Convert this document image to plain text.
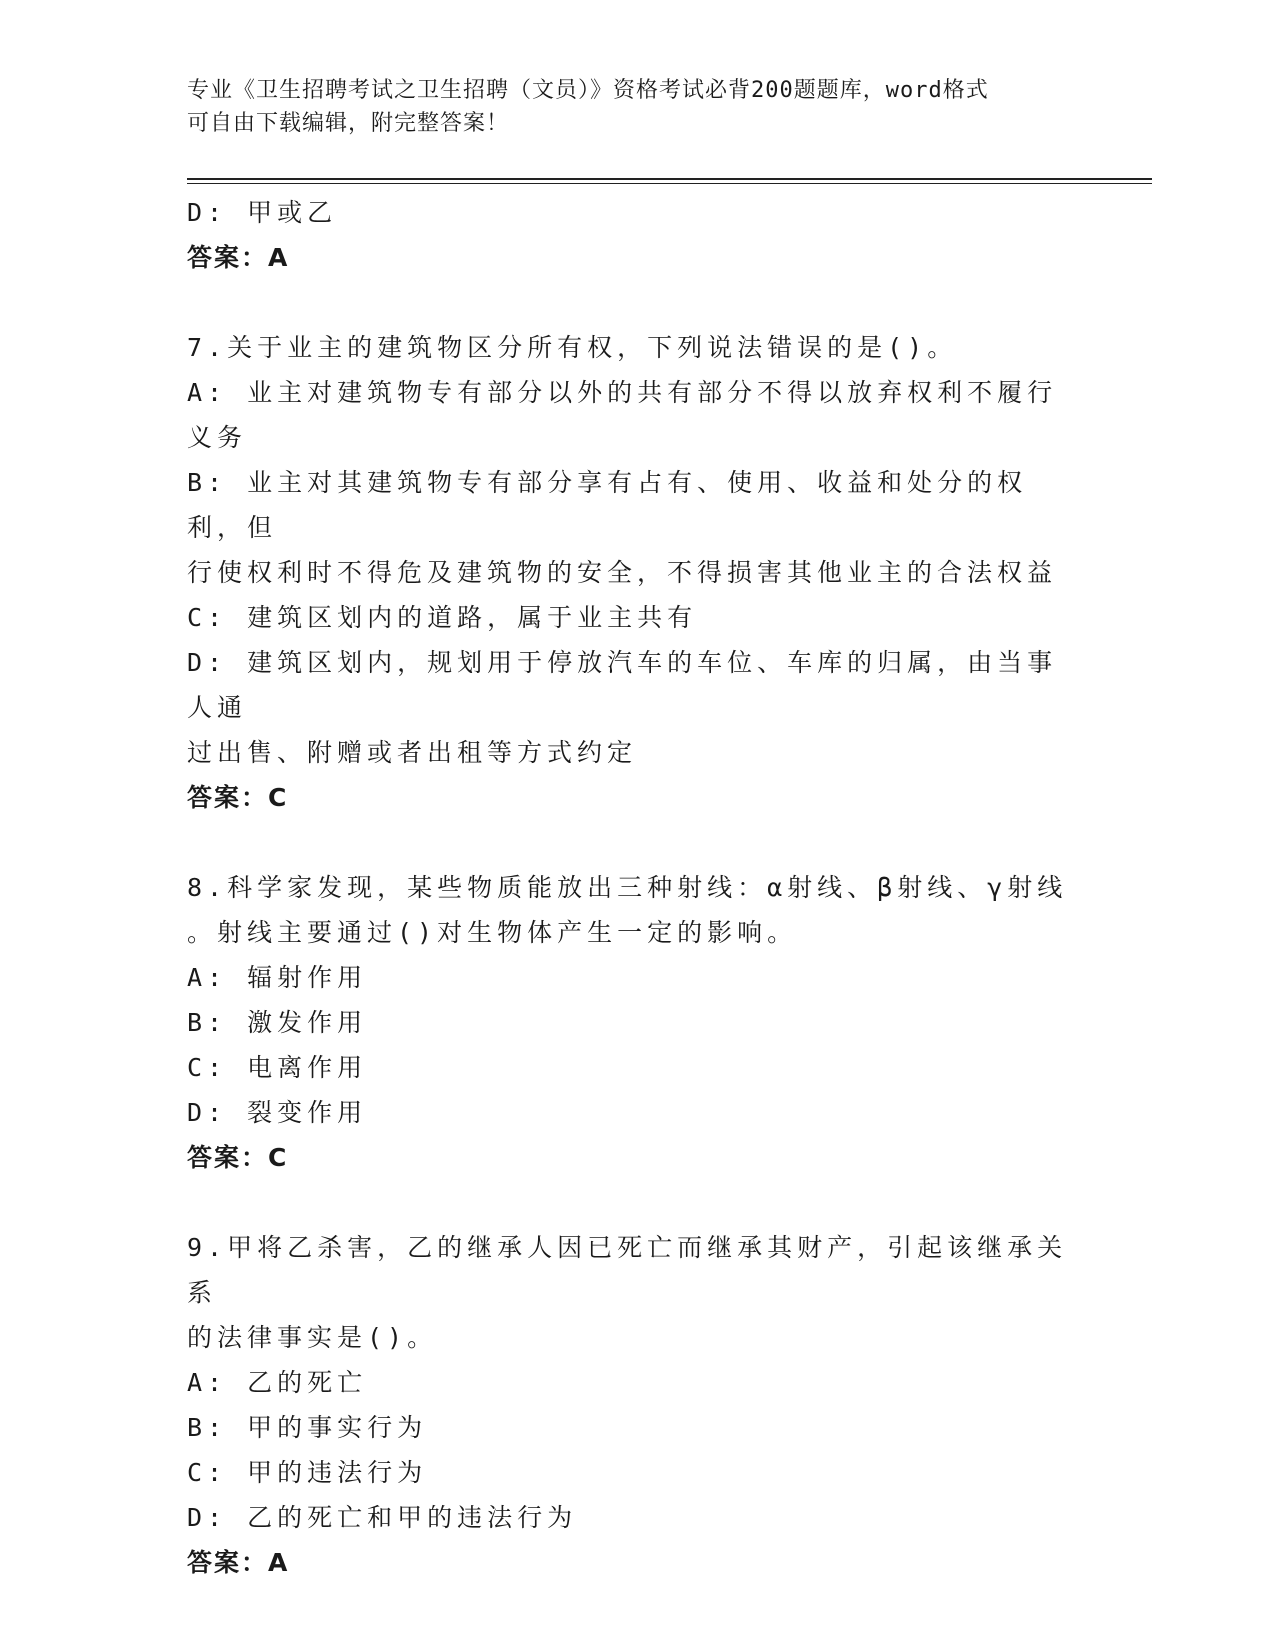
专业《卫生招聘考试之卫生招聘（文员）》资格考试必背200题题库，word格式
可自由下载编辑，附完整答案！
D: 甲或乙
答案：A
7.关于业主的建筑物区分所有权，下列说法错误的是()。
A: 业主对建筑物专有部分以外的共有部分不得以放弃权利不履行义务
B: 业主对其建筑物专有部分享有占有、使用、收益和处分的权利，但
行使权利时不得危及建筑物的安全，不得损害其他业主的合法权益
C: 建筑区划内的道路，属于业主共有
D: 建筑区划内，规划用于停放汽车的车位、车库的归属，由当事人通
过出售、附赠或者出租等方式约定
答案：C
8.科学家发现，某些物质能放出三种射线：α射线、β射线、γ射线
。射线主要通过()对生物体产生一定的影响。
A: 辐射作用
B: 激发作用
C: 电离作用
D: 裂变作用
答案：C
9.甲将乙杀害，乙的继承人因已死亡而继承其财产，引起该继承关系
的法律事实是()。
A: 乙的死亡
B: 甲的事实行为
C: 甲的违法行为
D: 乙的死亡和甲的违法行为
答案：A
